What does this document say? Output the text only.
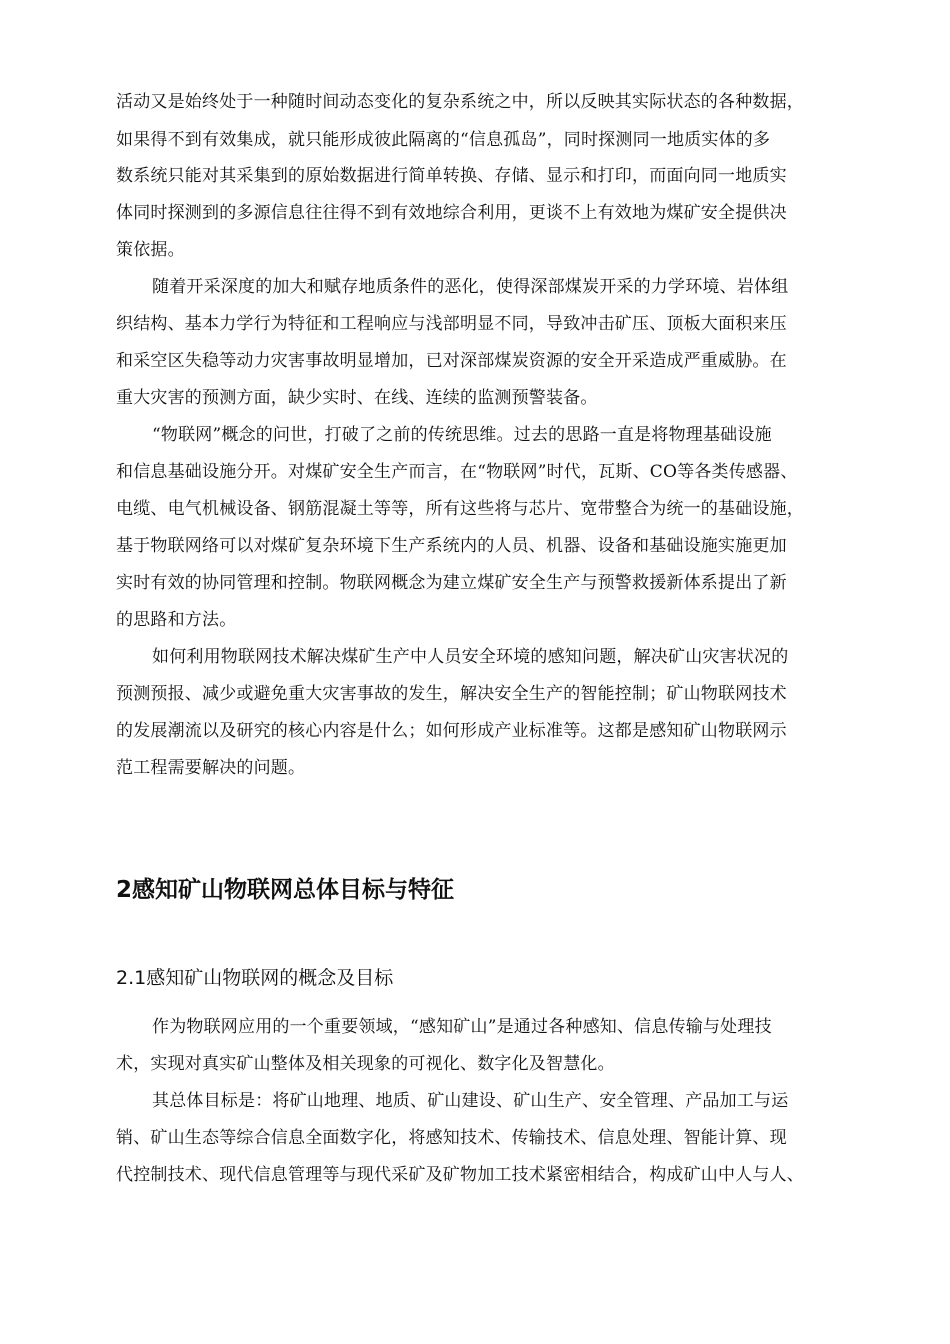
活动又是始终处于一种随时间动态变化的复杂系统之中，所以反映其实际状态的各种数据，
如果得不到有效集成，就只能形成彼此隔离的“信息孤岛”，同时探测同一地质实体的多
数系统只能对其采集到的原始数据进行简单转换、存储、显示和打印，而面向同一地质实
体同时探测到的多源信息往往得不到有效地综合利用，更谈不上有效地为煤矿安全提供决
策依据。
随着开采深度的加大和赋存地质条件的恶化，使得深部煤炭开采的力学环境、岩体组
织结构、基本力学行为特征和工程响应与浅部明显不同，导致冲击矿压、顶板大面积来压
和采空区失稳等动力灾害事故明显增加，已对深部煤炭资源的安全开采造成严重威胁。在
重大灾害的预测方面，缺少实时、在线、连续的监测预警装备。
“物联网”概念的问世，打破了之前的传统思维。过去的思路一直是将物理基础设施
和信息基础设施分开。对煤矿安全生产而言，在“物联网”时代，瓦斯、CO等各类传感器、
电缆、电气机械设备、钢筋混凝土等等，所有这些将与芯片、宽带整合为统一的基础设施，
基于物联网络可以对煤矿复杂环境下生产系统内的人员、机器、设备和基础设施实施更加
实时有效的协同管理和控制。物联网概念为建立煤矿安全生产与预警救援新体系提出了新
的思路和方法。
如何利用物联网技术解决煤矿生产中人员安全环境的感知问题，解决矿山灾害状况的
预测预报、减少或避免重大灾害事故的发生，解决安全生产的智能控制；矿山物联网技术
的发展潮流以及研究的核心内容是什么；如何形成产业标准等。这都是感知矿山物联网示
范工程需要解决的问题。
2感知矿山物联网总体目标与特征
2.1感知矿山物联网的概念及目标
作为物联网应用的一个重要领域，“感知矿山”是通过各种感知、信息传输与处理技
术，实现对真实矿山整体及相关现象的可视化、数字化及智慧化。
其总体目标是：将矿山地理、地质、矿山建设、矿山生产、安全管理、产品加工与运
销、矿山生态等综合信息全面数字化，将感知技术、传输技术、信息处理、智能计算、现
代控制技术、现代信息管理等与现代采矿及矿物加工技术紧密相结合，构成矿山中人与人、
